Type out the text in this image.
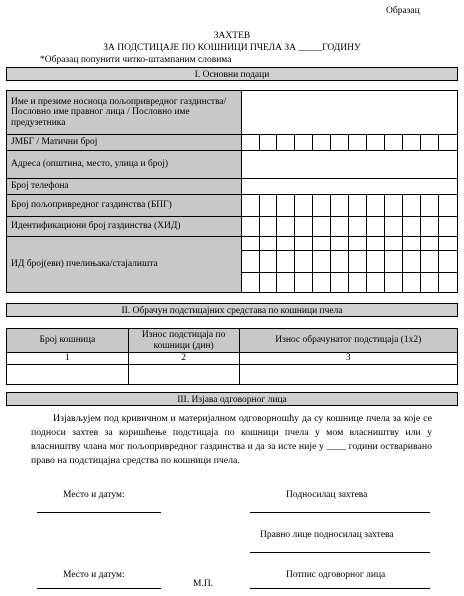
Образац
ЗАХТЕВ
ЗА ПОДСТИЦАЈЕ ПО КОШНИЦИ ПЧЕЛА ЗА _____ГОДИНУ
*Образац попунити читко-штампаним словима
I. Основни подаци
Име и презиме носиоца пољопривредног газдинства/ Пословно име правног лица / Пословно име предузетника												
ЈМБГ / Матични број												
Адреса (општина, место, улица и број)												
Број телефона												
Број пољопривредног газдинства (БПГ)												
Идентификациони број газдинства (ХИД)												
ИД број(еви) пчелињака/стајалишта												

II. Обрачун подстицајних средстава по кошници пчела
Број кошница	Износ подстицаја по кошници (дин)	Износ обрачунатог подстицаја (1х2)
1	2	3

III. Изјава одговорног лица
Изјављујем под кривичном и материјалном одговорношћу да су кошнице пчела за које се подноси захтев за коришћење подстицаја по кошници пчела у мом власништву или у власништву члана мог пољопривредног газдинства и да за исте није у ____ години остваривано право на подстицајна средства по кошници пчела.
Место и датум:	Подносилац захтева
Правно лице подносилац захтева
Место и датум:
М.П.
Потпис одговорног лица
